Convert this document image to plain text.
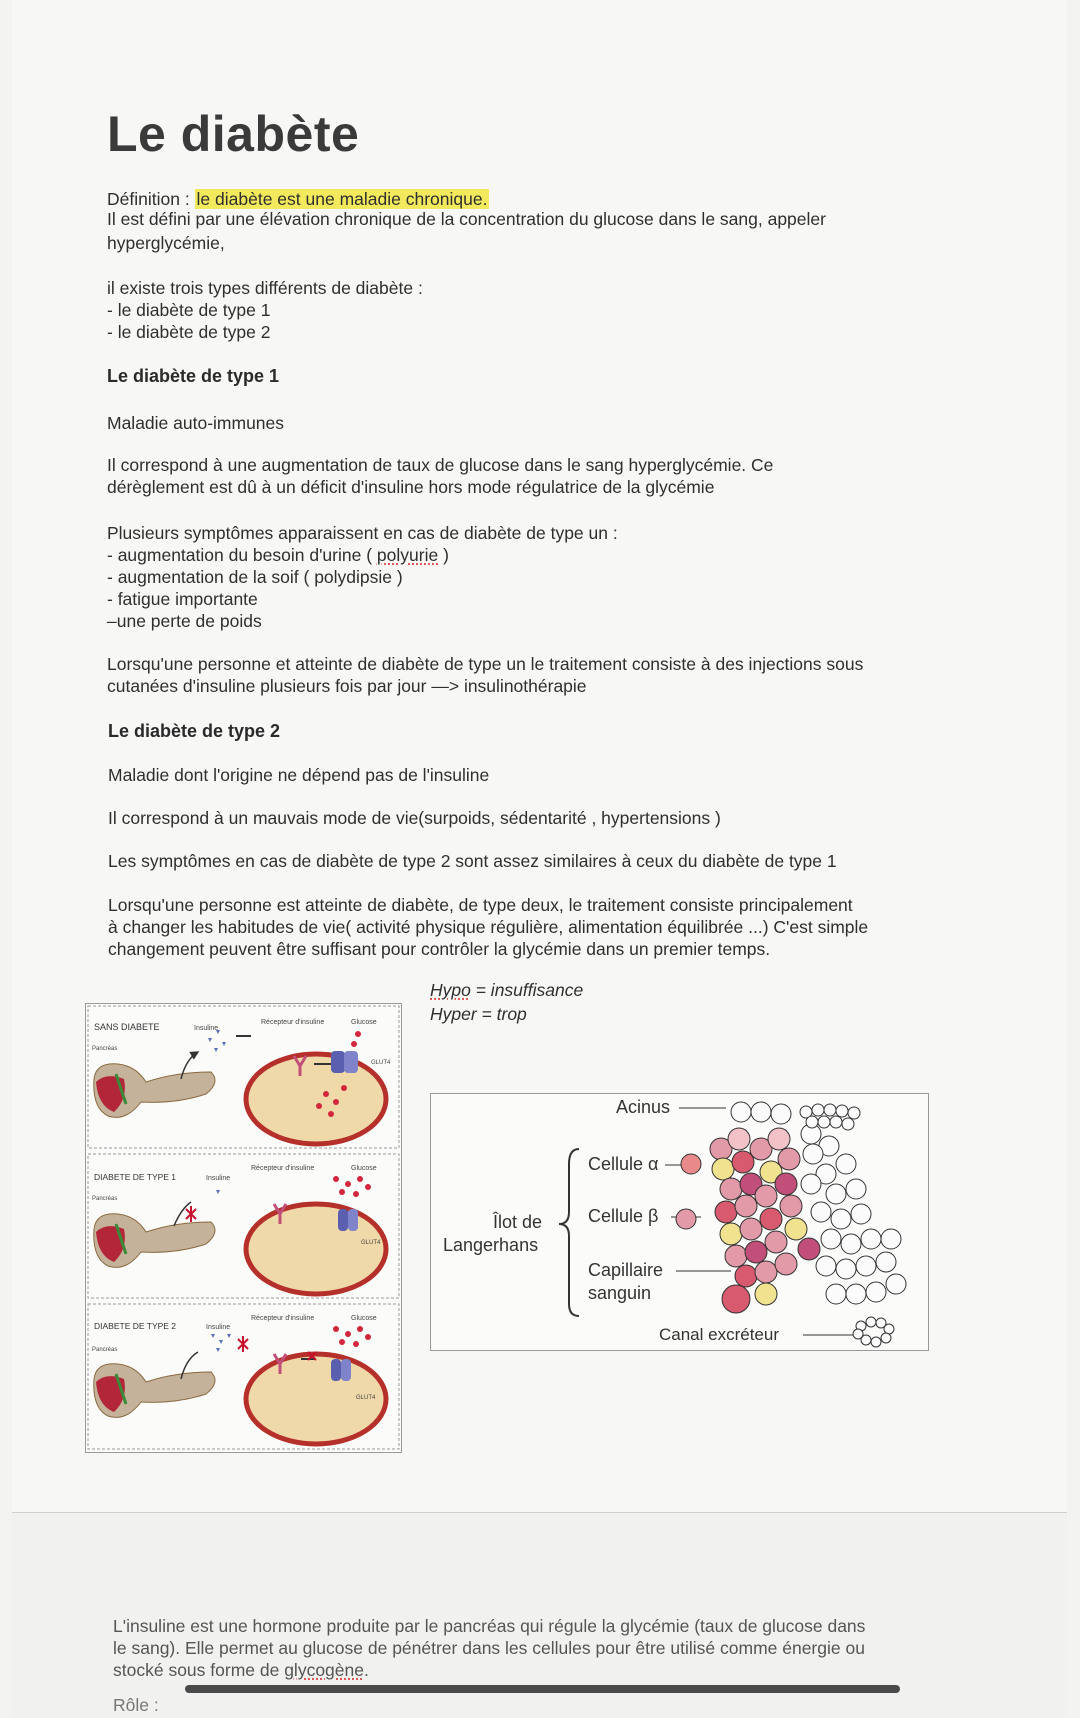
Le diabète
Définition : le diabète est une maladie chronique.
Il est défini par une élévation chronique de la concentration du glucose dans le sang, appeler
hyperglycémie,
il existe trois types différents de diabète :
- le diabète de type 1
- le diabète de type 2
Le diabète de type 1
Maladie auto-immunes
Il correspond à une augmentation de taux de glucose dans le sang hyperglycémie. Ce
dérèglement est dû à un déficit d'insuline hors mode régulatrice de la glycémie
Plusieurs symptômes apparaissent en cas de diabète de type un :
- augmentation du besoin d'urine ( polyurie )
- augmentation de la soif ( polydipsie )
- fatigue importante
–une perte de poids
Lorsqu'une personne et atteinte de diabète de type un le traitement consiste à des injections sous
cutanées d'insuline plusieurs fois par jour —> insulinothérapie
Le diabète de type 2
Maladie dont l'origine ne dépend pas de l'insuline
Il correspond à un mauvais mode de vie(surpoids, sédentarité , hypertensions )
Les symptômes en cas de diabète de type 2 sont assez similaires à ceux du diabète de type 1
Lorsqu'une personne est atteinte de diabète, de type deux, le traitement consiste principalement
à changer les habitudes de vie( activité physique régulière, alimentation équilibrée ...) C'est simple
changement peuvent être suffisant pour contrôler la glycémie dans un premier temps.
Hypo = insuffisance
Hyper = trop
SANS DIABETE	Insuline
Récepteur d'insuline	Glucose
GLUT4
Pancréas
DIABETE DE TYPE 1	Insuline
Récepteur d'insuline	Glucose
GLUT4
Pancréas
DIABETE DE TYPE 2	Insuline
Récepteur d'insuline	Glucose
GLUT4
Pancréas
Acinus
Cellule α
Cellule β
Capillaire
sanguin
Îlot de
Langerhans
Canal excréteur
L'insuline est une hormone produite par le pancréas qui régule la glycémie (taux de glucose dans
le sang). Elle permet au glucose de pénétrer dans les cellules pour être utilisé comme énergie ou
stocké sous forme de glycogène.
Rôle :
